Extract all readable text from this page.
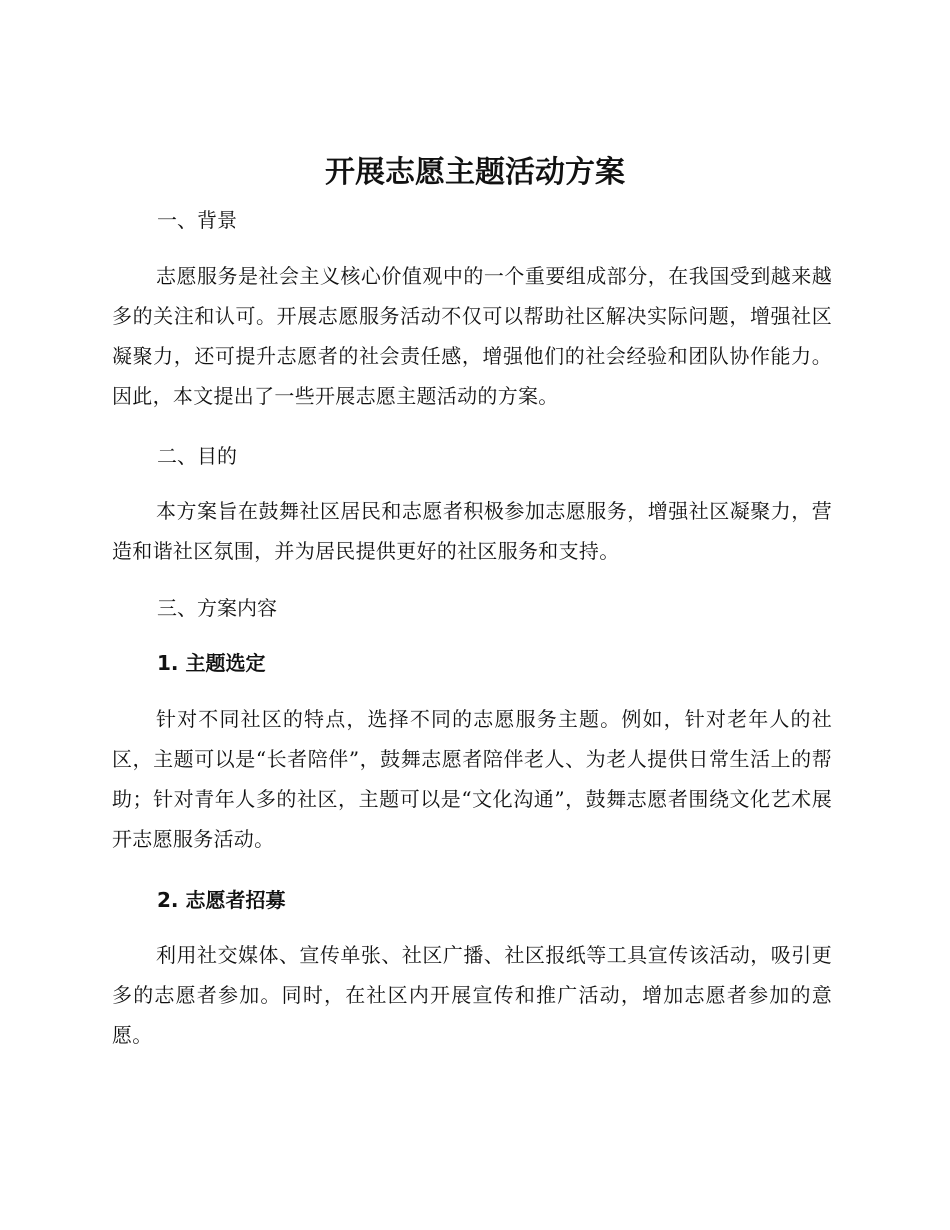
开展志愿主题活动方案
一、背景

志愿服务是社会主义核心价值观中的一个重要组成部分，在我国受到越来越多的关注和认可。开展志愿服务活动不仅可以帮助社区解决实际问题，增强社区凝聚力，还可提升志愿者的社会责任感，增强他们的社会经验和团队协作能力。因此，本文提出了一些开展志愿主题活动的方案。

二、目的

本方案旨在鼓舞社区居民和志愿者积极参加志愿服务，增强社区凝聚力，营造和谐社区氛围，并为居民提供更好的社区服务和支持。

三、方案内容
1. 主题选定

针对不同社区的特点，选择不同的志愿服务主题。例如，针对老年人的社区，主题可以是“长者陪伴”，鼓舞志愿者陪伴老人、为老人提供日常生活上的帮助；针对青年人多的社区，主题可以是“文化沟通”，鼓舞志愿者围绕文化艺术展开志愿服务活动。

2. 志愿者招募

利用社交媒体、宣传单张、社区广播、社区报纸等工具宣传该活动，吸引更多的志愿者参加。同时，在社区内开展宣传和推广活动，增加志愿者参加的意愿。
